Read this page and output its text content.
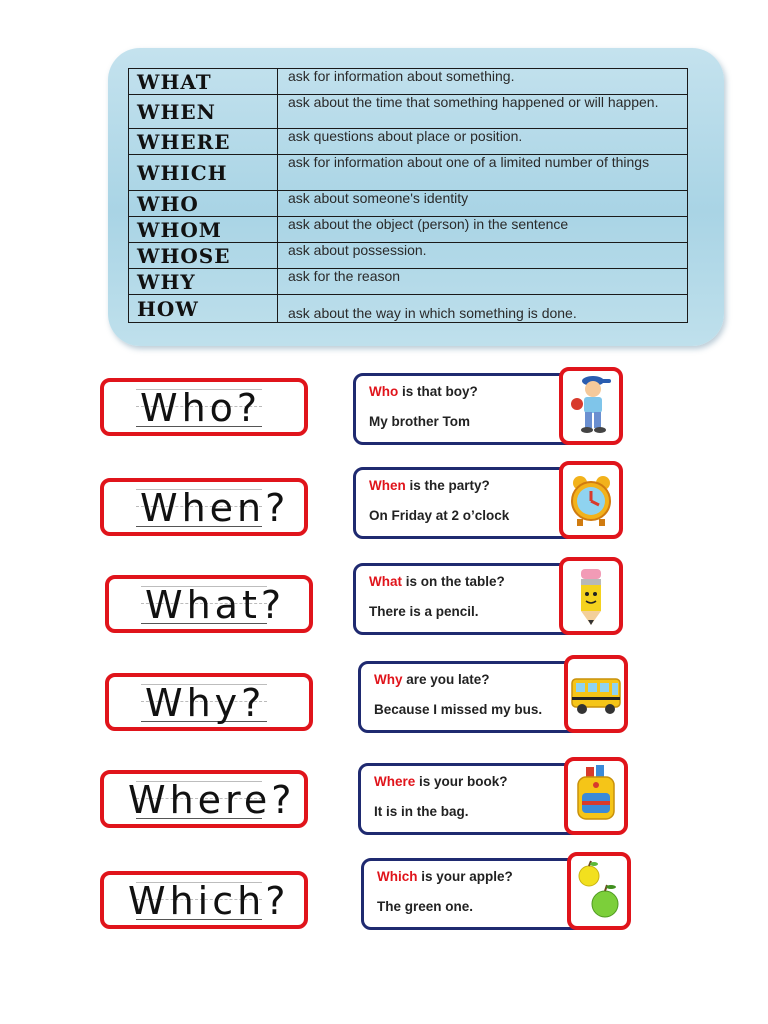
WHAT	ask for information about something.
WHEN	ask about the time that something happened or will happen.
WHERE	ask questions about place or position.
WHICH	ask for information about one of a limited number of things
WHO	ask about someone's identity
WHOM	ask about the object (person) in the sentence
WHOSE	ask about possession.
WHY	ask for the reason
HOW	ask about the way in which something is done.
Who?	Who is that boy?
My brother Tom
When?
When is the party?
On Friday at 2 o’clock
What?
What is on the table?
There is a pencil.
Why?
Why are you late?
Because I missed my bus.
Where?	Where is your book?
It is in the bag.
Which?
Which is your apple?
The green one.
